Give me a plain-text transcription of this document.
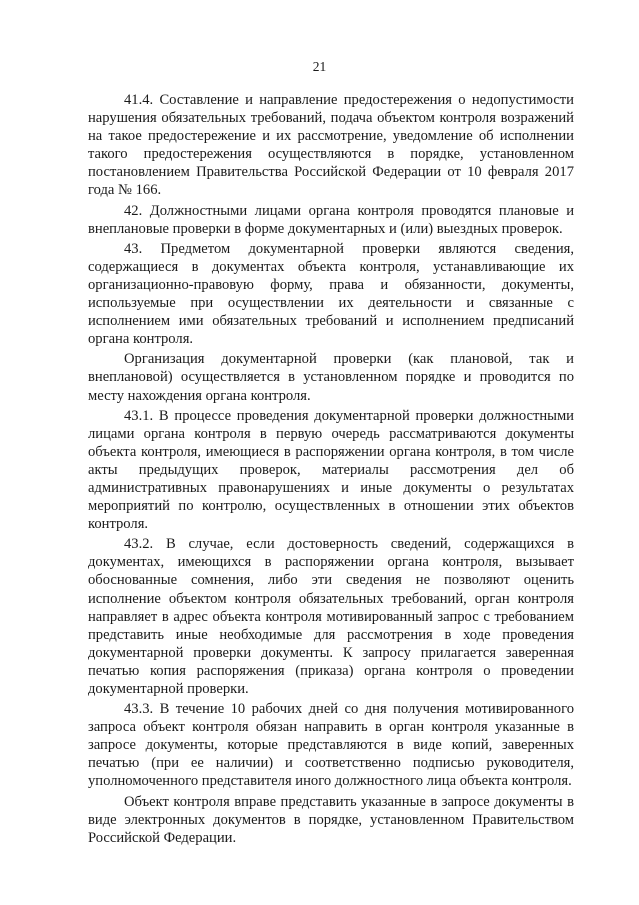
21

41.4. Составление и направление предостережения о недопустимости нарушения обязательных требований, подача объектом контроля возражений на такое предостережение и их рассмотрение, уведомление об исполнении такого предостережения осуществляются в порядке, установленном постановлением Правительства Российской Федерации от 10 февраля 2017 года № 166.

42. Должностными лицами органа контроля проводятся плановые и внеплановые проверки в форме документарных и (или) выездных проверок.

43. Предметом документарной проверки являются сведения, содержащиеся в документах объекта контроля, устанавливающие их организационно-правовую форму, права и обязанности, документы, используемые при осуществлении их деятельности и связанные с исполнением ими обязательных требований и исполнением предписаний органа контроля.

Организация документарной проверки (как плановой, так и внеплановой) осуществляется в установленном порядке и проводится по месту нахождения органа контроля.

43.1. В процессе проведения документарной проверки должностными лицами органа контроля в первую очередь рассматриваются документы объекта контроля, имеющиеся в распоряжении органа контроля, в том числе акты предыдущих проверок, материалы рассмотрения дел об административных правонарушениях и иные документы о результатах мероприятий по контролю, осуществленных в отношении этих объектов контроля.

43.2. В случае, если достоверность сведений, содержащихся в документах, имеющихся в распоряжении органа контроля, вызывает обоснованные сомнения, либо эти сведения не позволяют оценить исполнение объектом контроля обязательных требований, орган контроля направляет в адрес объекта контроля мотивированный запрос с требованием представить иные необходимые для рассмотрения в ходе проведения документарной проверки документы. К запросу прилагается заверенная печатью копия распоряжения (приказа) органа контроля о проведении документарной проверки.

43.3. В течение 10 рабочих дней со дня получения мотивированного запроса объект контроля обязан направить в орган контроля указанные в запросе документы, которые представляются в виде копий, заверенных печатью (при ее наличии) и соответственно подписью руководителя, уполномоченного представителя иного должностного лица объекта контроля.

Объект контроля вправе представить указанные в запросе документы в виде электронных документов в порядке, установленном Правительством Российской Федерации.
